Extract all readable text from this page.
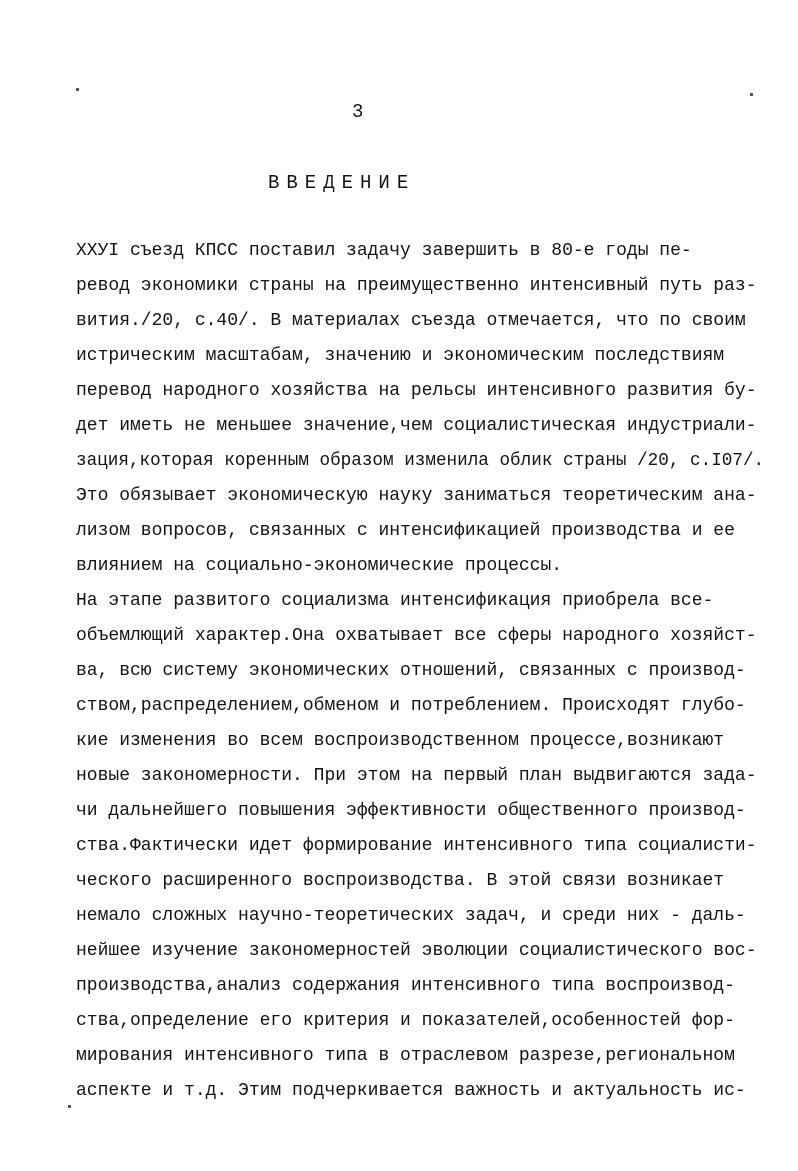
3
ВВЕДЕНИЕ
XXУI съезд КПСС поставил задачу завершить в 80-е годы пе-
ревод экономики страны на преимущественно интенсивный путь раз-
вития./20, с.40/. В материалах съезда отмечается, что по своим
истрическим масштабам, значению и экономическим последствиям
перевод народного хозяйства на рельсы интенсивного развития бу-
дет иметь не меньшее значение,чем социалистическая индустриали-
зация,которая коренным образом изменила облик страны /20, с.I07/.
Это обязывает экономическую науку заниматься теоретическим ана-
лизом вопросов, связанных с интенсификацией производства и ее
влиянием на социально-экономические процессы.
На этапе развитого социализма интенсификация приобрела все-
объемлющий характер.Она охватывает все сферы народного хозяйст-
ва, всю систему экономических отношений, связанных с производ-
ством,распределением,обменом и потреблением. Происходят глубо-
кие изменения во всем воспроизводственном процессе,возникают
новые закономерности. При этом на первый план выдвигаются зада-
чи дальнейшего повышения эффективности общественного производ-
ства.Фактически идет формирование интенсивного типа социалисти-
ческого расширенного воспроизводства. В этой связи возникает
немало сложных научно-теоретических задач, и среди них - даль-
нейшее изучение закономерностей эволюции социалистического вос-
производства,анализ содержания интенсивного типа воспроизвод-
ства,определение его критерия и показателей,особенностей фор-
мирования интенсивного типа в отраслевом разрезе,региональном
аспекте и т.д. Этим подчеркивается важность и актуальность ис-
